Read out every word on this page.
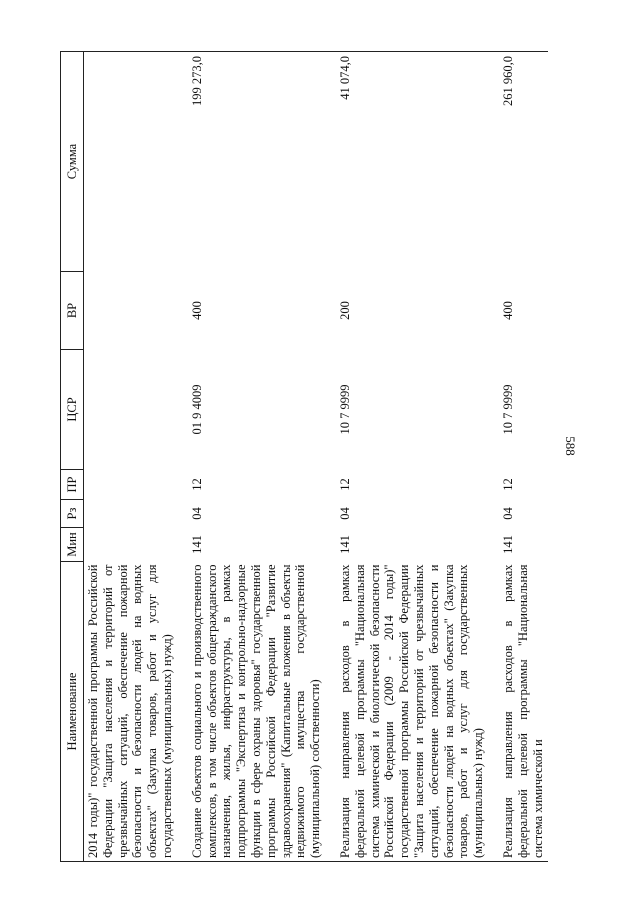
588
Наименование	Мин	Рз	ПР	ЦСР	ВР	Сумма
2014 годы)" государственной программы Российской Федерации "Защита населения и территорий от чрезвычайных ситуаций, обеспечение пожарной безопасности и безопасности людей на водных объектах" (Закупка товаров, работ и услуг для государственных (муниципальных) нужд)						

Создание объектов социального и производственного комплексов, в том числе объектов общегражданского назначения, жилья, инфраструктуры, в рамках подпрограммы "Экспертиза и контрольно-надзорные функции в сфере охраны здоровья" государственной программы Российской Федерации "Развитие здравоохранения" (Капитальные вложения в объекты недвижимого имущества государственной (муниципальной) собственности)	141	04	12	01 9 4009	400	199 273,0

Реализация направления расходов в рамках федеральной целевой программы "Национальная система химической и биологической безопасности Российской Федерации (2009 - 2014 годы)" государственной программы Российской Федерации "Защита населения и территорий от чрезвычайных ситуаций, обеспечение пожарной безопасности и безопасности людей на водных объектах" (Закупка товаров, работ и услуг для государственных (муниципальных) нужд)	141	04	12	10 7 9999	200	41 074,0

Реализация направления расходов в рамках федеральной целевой программы "Национальная система химической и	141	04	12	10 7 9999	400	261 960,0
